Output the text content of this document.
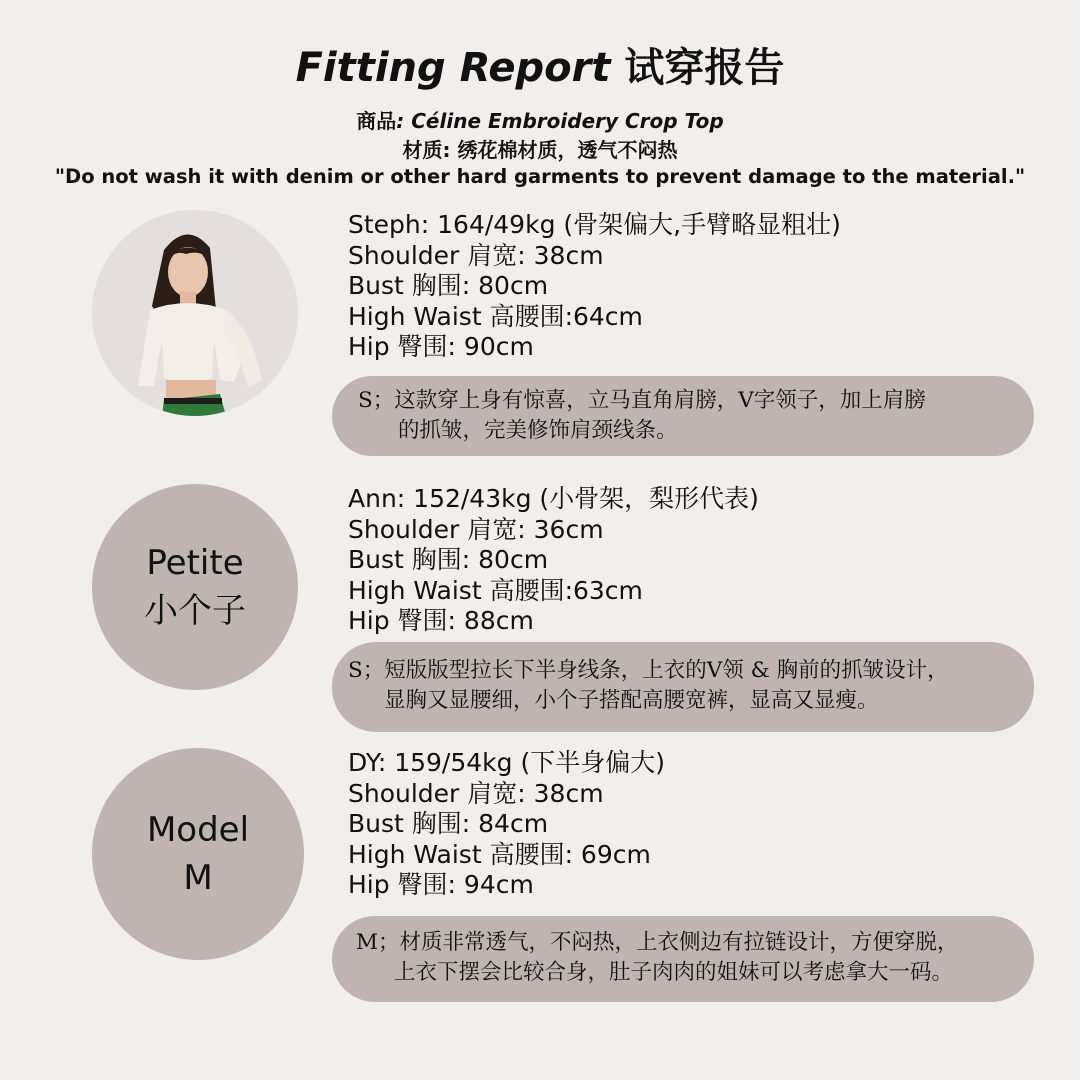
Fitting Report 试穿报告
商品: Céline Embroidery Crop Top
材质: 绣花棉材质，透气不闷热
"Do not wash it with denim or other hard garments to prevent damage to the material."
Steph: 164/49kg (骨架偏大,手臂略显粗壮)
Shoulder 肩宽: 38cm
Bust 胸围: 80cm
High Waist 高腰围:64cm
Hip 臀围: 90cm
S；这款穿上身有惊喜，立马直角肩膀，V字领子，加上肩膀
的抓皱，完美修饰肩颈线条。
Petite
小个子
Ann: 152/43kg (小骨架，梨形代表)
Shoulder 肩宽: 36cm
Bust 胸围: 80cm
High Waist 高腰围:63cm
Hip 臀围: 88cm
S；短版版型拉长下半身线条，上衣的V领 & 胸前的抓皱设计，
显胸又显腰细，小个子搭配高腰宽裤，显高又显瘦。
Model
M
DY: 159/54kg (下半身偏大)
Shoulder 肩宽: 38cm
Bust 胸围: 84cm
High Waist 高腰围: 69cm
Hip 臀围: 94cm
M；材质非常透气，不闷热，上衣侧边有拉链设计，方便穿脱，
上衣下摆会比较合身，肚子肉肉的姐妹可以考虑拿大一码。
